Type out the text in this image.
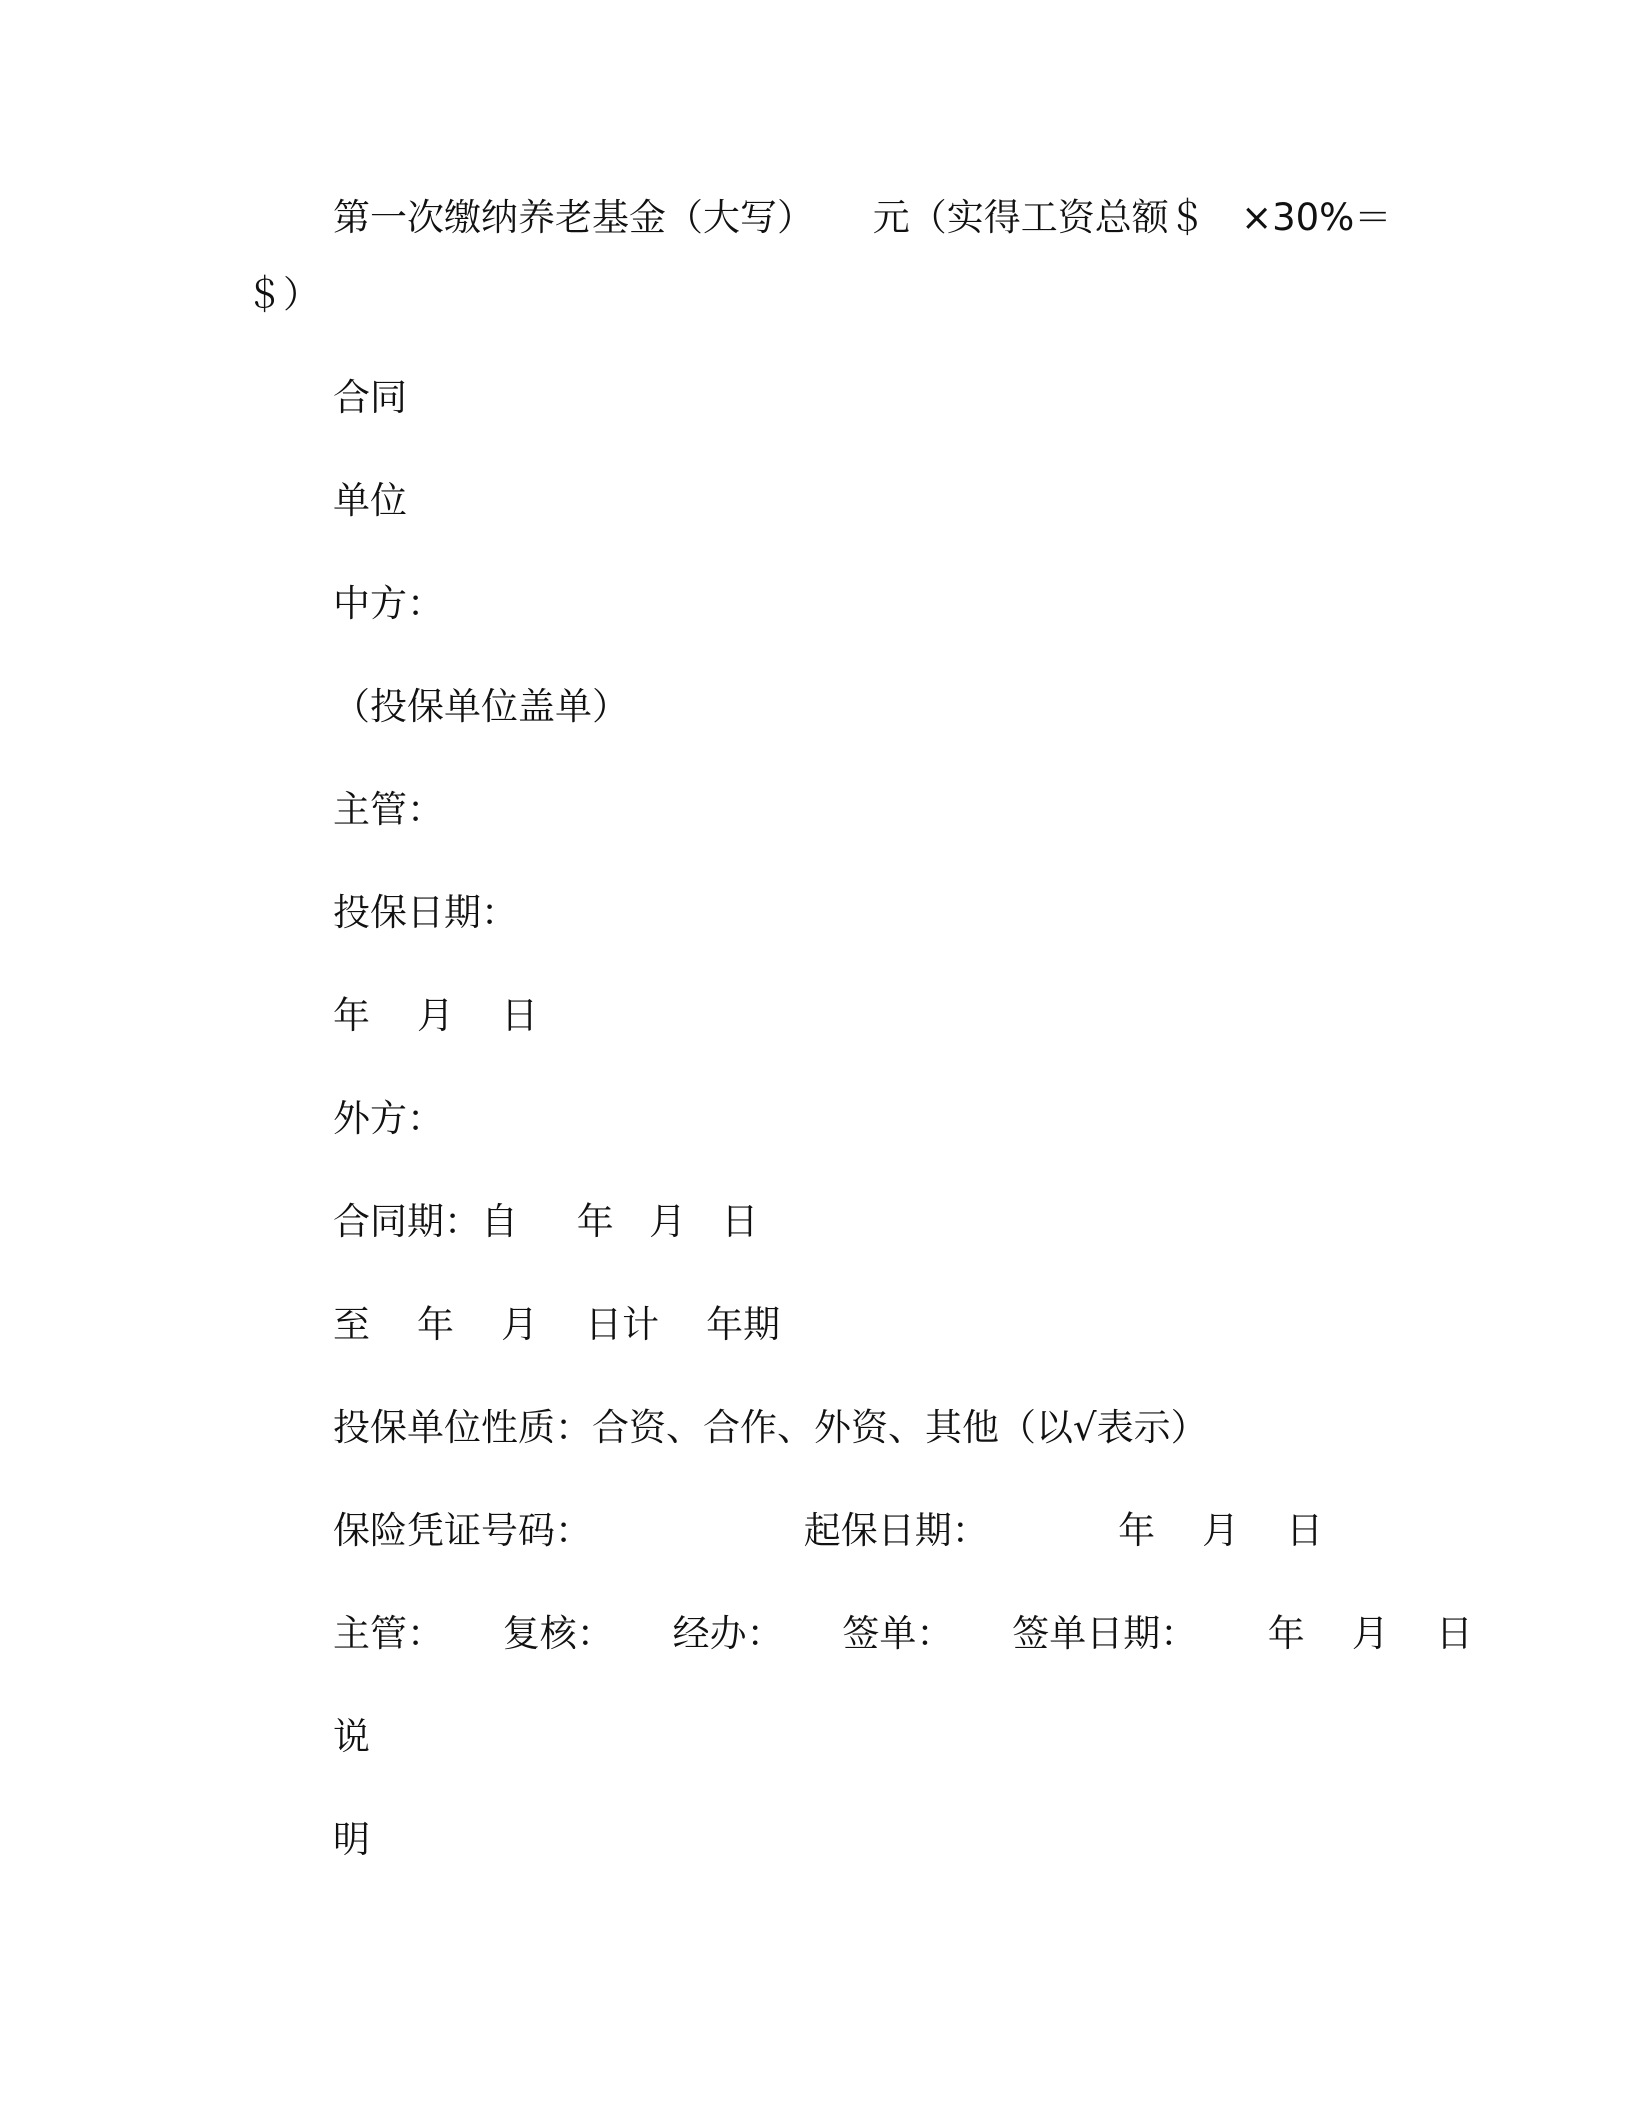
第一次缴纳养老基金（大写）     元（实得工资总额＄   ×30%＝
＄）
合同
单位
中方：
（投保单位盖单）
主管：
投保日期：
年    月    日
外方：
合同期：自     年   月   日
至    年    月    日计    年期
投保单位性质：合资、合作、外资、其他（以√表示）
保险凭证号码：                  起保日期：           年    月    日
主管：     复核：     经办：     签单：     签单日期：      年    月    日
说
明
